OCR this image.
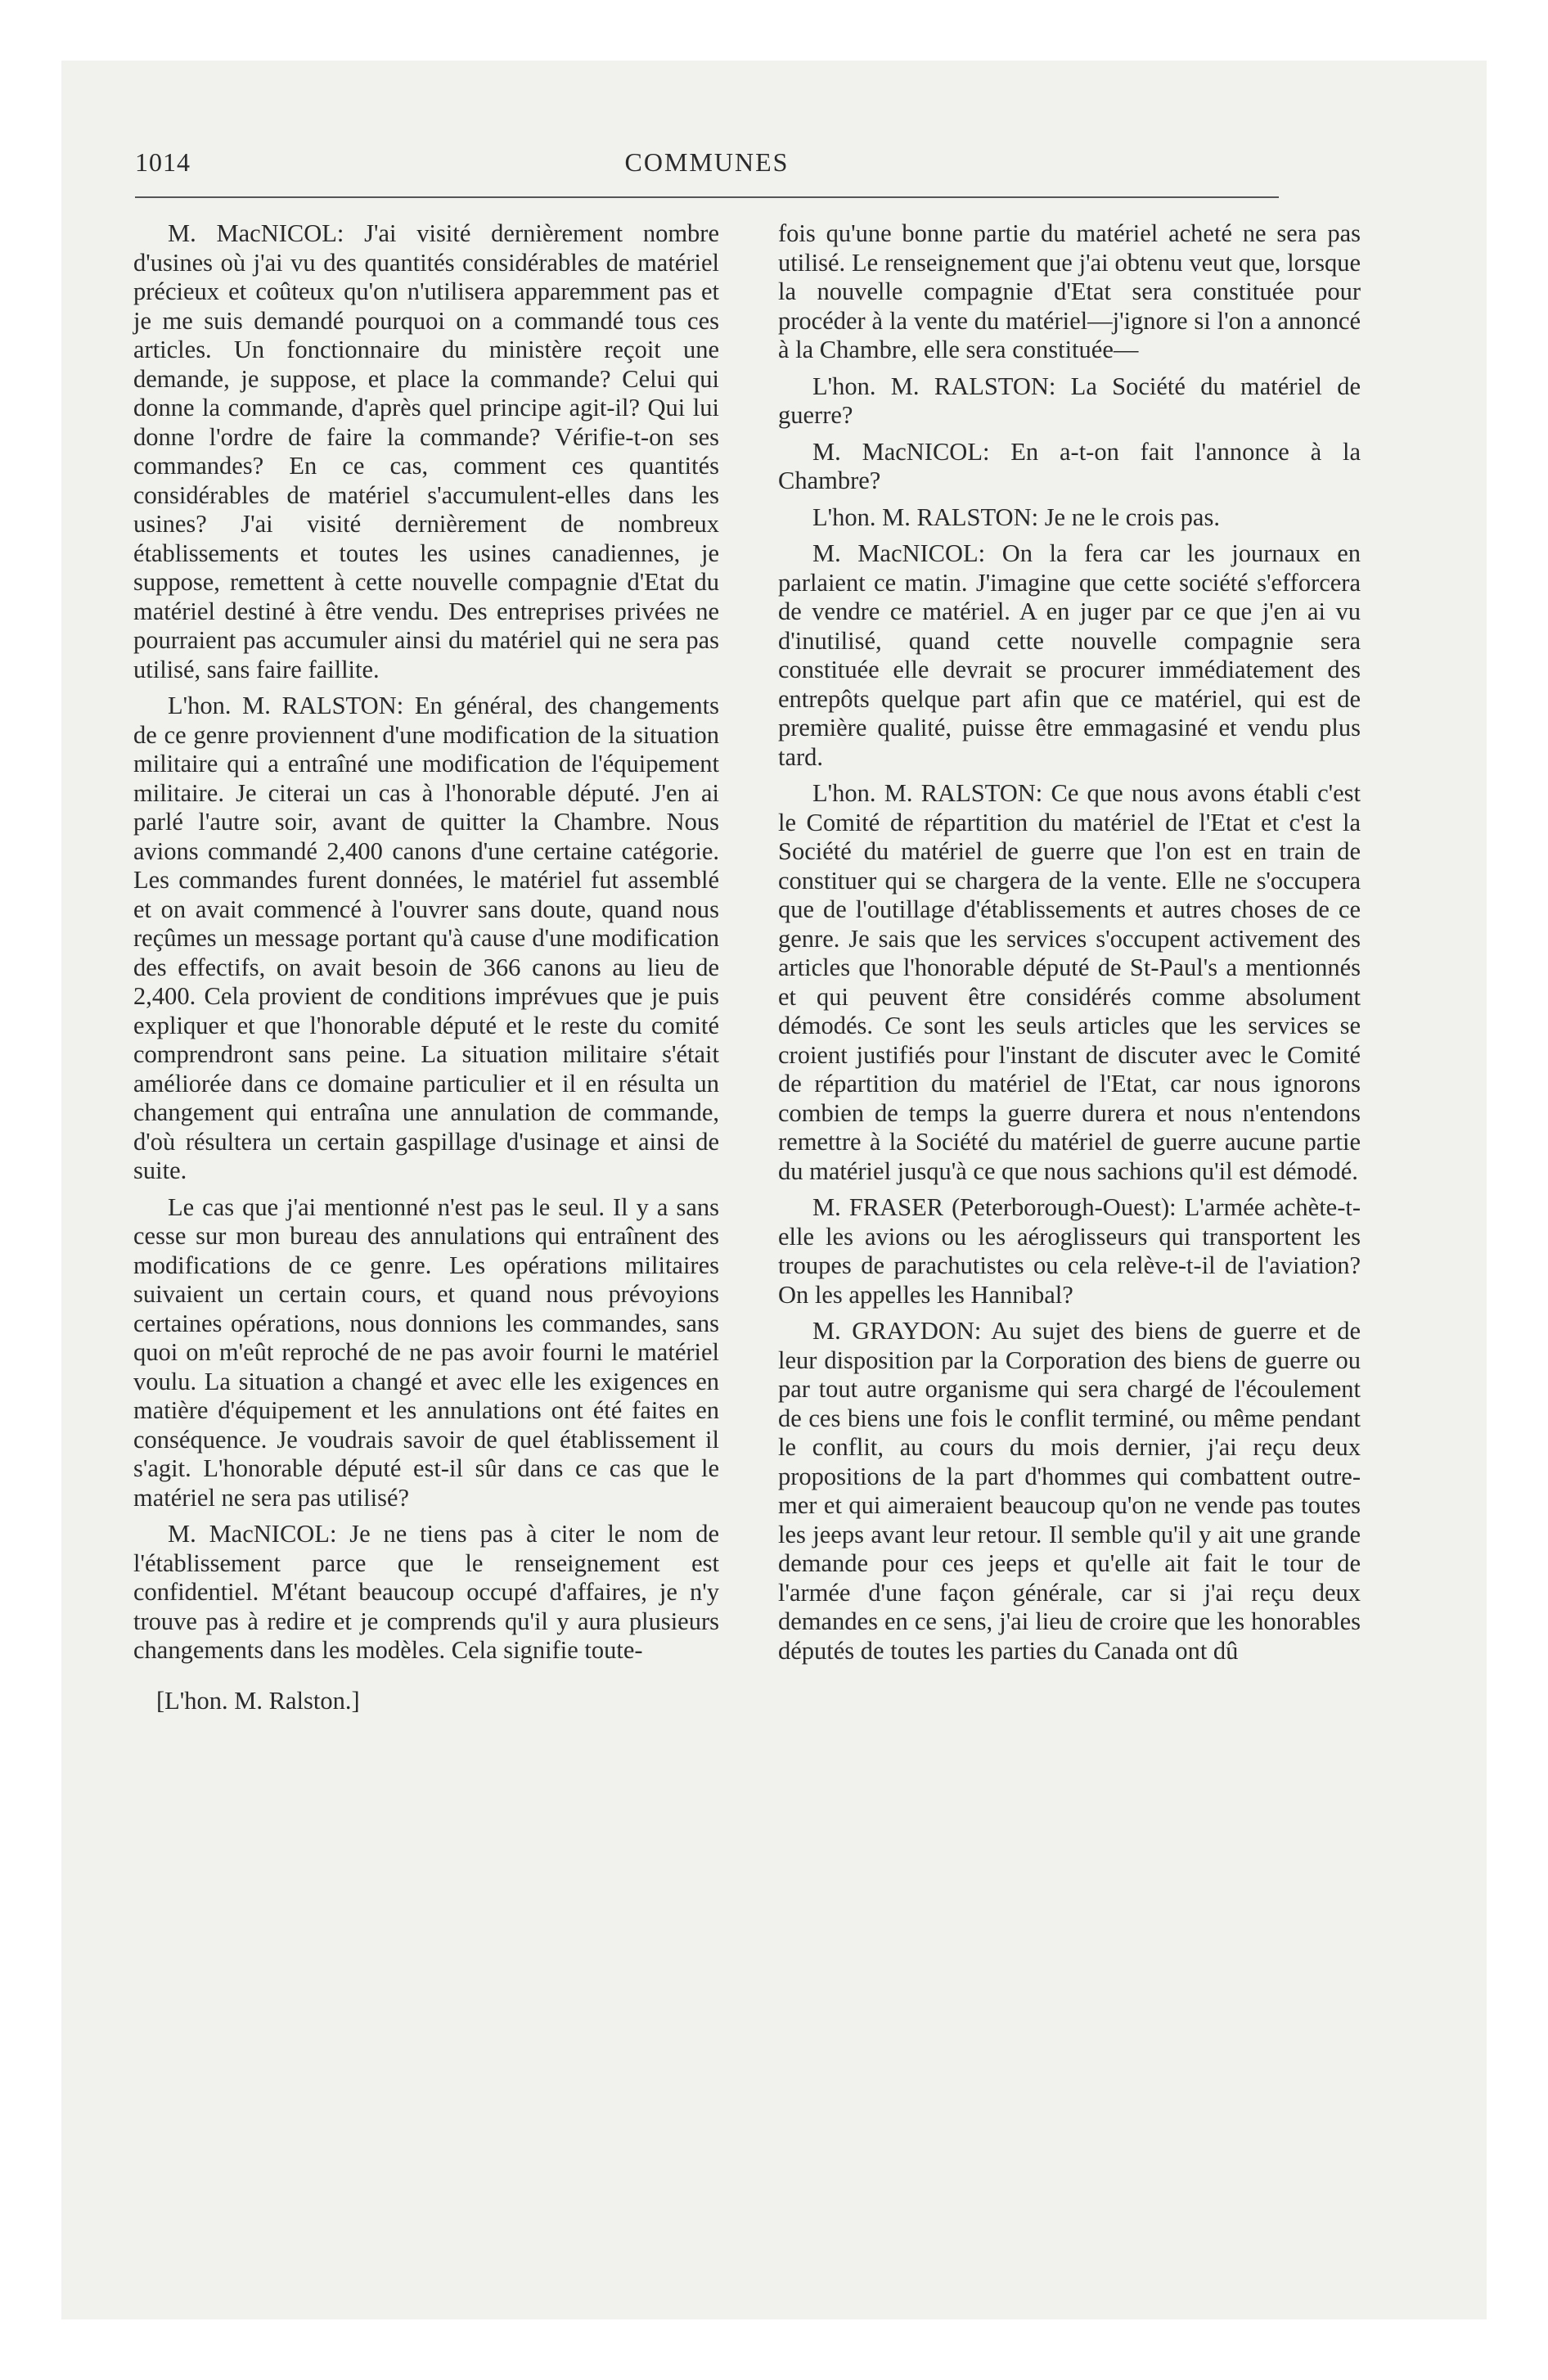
1014	COMMUNES

M. MacNICOL: J'ai visité dernièrement nombre d'usines où j'ai vu des quantités considérables de matériel précieux et coûteux qu'on n'utilisera apparemment pas et je me suis demandé pourquoi on a commandé tous ces articles. Un fonctionnaire du ministère reçoit une demande, je suppose, et place la commande? Celui qui donne la commande, d'après quel principe agit-il? Qui lui donne l'ordre de faire la commande? Vérifie-t-on ses commandes? En ce cas, comment ces quantités considérables de matériel s'accumulent-elles dans les usines? J'ai visité dernièrement de nombreux établissements et toutes les usines canadiennes, je suppose, remettent à cette nouvelle compagnie d'Etat du matériel destiné à être vendu. Des entreprises privées ne pourraient pas accumuler ainsi du matériel qui ne sera pas utilisé, sans faire faillite.

L'hon. M. RALSTON: En général, des changements de ce genre proviennent d'une modification de la situation militaire qui a entraîné une modification de l'équipement militaire. Je citerai un cas à l'honorable député. J'en ai parlé l'autre soir, avant de quitter la Chambre. Nous avions commandé 2,400 canons d'une certaine catégorie. Les commandes furent données, le matériel fut assemblé et on avait commencé à l'ouvrer sans doute, quand nous reçûmes un message portant qu'à cause d'une modification des effectifs, on avait besoin de 366 canons au lieu de 2,400. Cela provient de conditions imprévues que je puis expliquer et que l'honorable député et le reste du comité comprendront sans peine. La situation militaire s'était améliorée dans ce domaine particulier et il en résulta un changement qui entraîna une annulation de commande, d'où résultera un certain gaspillage d'usinage et ainsi de suite.

Le cas que j'ai mentionné n'est pas le seul. Il y a sans cesse sur mon bureau des annulations qui entraînent des modifications de ce genre. Les opérations militaires suivaient un certain cours, et quand nous prévoyions certaines opérations, nous donnions les commandes, sans quoi on m'eût reproché de ne pas avoir fourni le matériel voulu. La situation a changé et avec elle les exigences en matière d'équipement et les annulations ont été faites en conséquence. Je voudrais savoir de quel établissement il s'agit. L'honorable député est-il sûr dans ce cas que le matériel ne sera pas utilisé?

M. MacNICOL: Je ne tiens pas à citer le nom de l'établissement parce que le renseignement est confidentiel. M'étant beaucoup occupé d'affaires, je n'y trouve pas à redire et je comprends qu'il y aura plusieurs changements dans les modèles. Cela signifie toute-

[L'hon. M. Ralston.]

fois qu'une bonne partie du matériel acheté ne sera pas utilisé. Le renseignement que j'ai obtenu veut que, lorsque la nouvelle compagnie d'Etat sera constituée pour procéder à la vente du matériel—j'ignore si l'on a annoncé à la Chambre, elle sera constituée—

L'hon. M. RALSTON: La Société du matériel de guerre?

M. MacNICOL: En a-t-on fait l'annonce à la Chambre?

L'hon. M. RALSTON: Je ne le crois pas.

M. MacNICOL: On la fera car les journaux en parlaient ce matin. J'imagine que cette société s'efforcera de vendre ce matériel. A en juger par ce que j'en ai vu d'inutilisé, quand cette nouvelle compagnie sera constituée elle devrait se procurer immédiatement des entrepôts quelque part afin que ce matériel, qui est de première qualité, puisse être emmagasiné et vendu plus tard.

L'hon. M. RALSTON: Ce que nous avons établi c'est le Comité de répartition du matériel de l'Etat et c'est la Société du matériel de guerre que l'on est en train de constituer qui se chargera de la vente. Elle ne s'occupera que de l'outillage d'établissements et autres choses de ce genre. Je sais que les services s'occupent activement des articles que l'honorable député de St-Paul's a mentionnés et qui peuvent être considérés comme absolument démodés. Ce sont les seuls articles que les services se croient justifiés pour l'instant de discuter avec le Comité de répartition du matériel de l'Etat, car nous ignorons combien de temps la guerre durera et nous n'entendons remettre à la Société du matériel de guerre aucune partie du matériel jusqu'à ce que nous sachions qu'il est démodé.

M. FRASER (Peterborough-Ouest): L'armée achète-t-elle les avions ou les aéroglisseurs qui transportent les troupes de parachutistes ou cela relève-t-il de l'aviation? On les appelles les Hannibal?

M. GRAYDON: Au sujet des biens de guerre et de leur disposition par la Corporation des biens de guerre ou par tout autre organisme qui sera chargé de l'écoulement de ces biens une fois le conflit terminé, ou même pendant le conflit, au cours du mois dernier, j'ai reçu deux propositions de la part d'hommes qui combattent outre-mer et qui aimeraient beaucoup qu'on ne vende pas toutes les jeeps avant leur retour. Il semble qu'il y ait une grande demande pour ces jeeps et qu'elle ait fait le tour de l'armée d'une façon générale, car si j'ai reçu deux demandes en ce sens, j'ai lieu de croire que les honorables députés de toutes les parties du Canada ont dû
